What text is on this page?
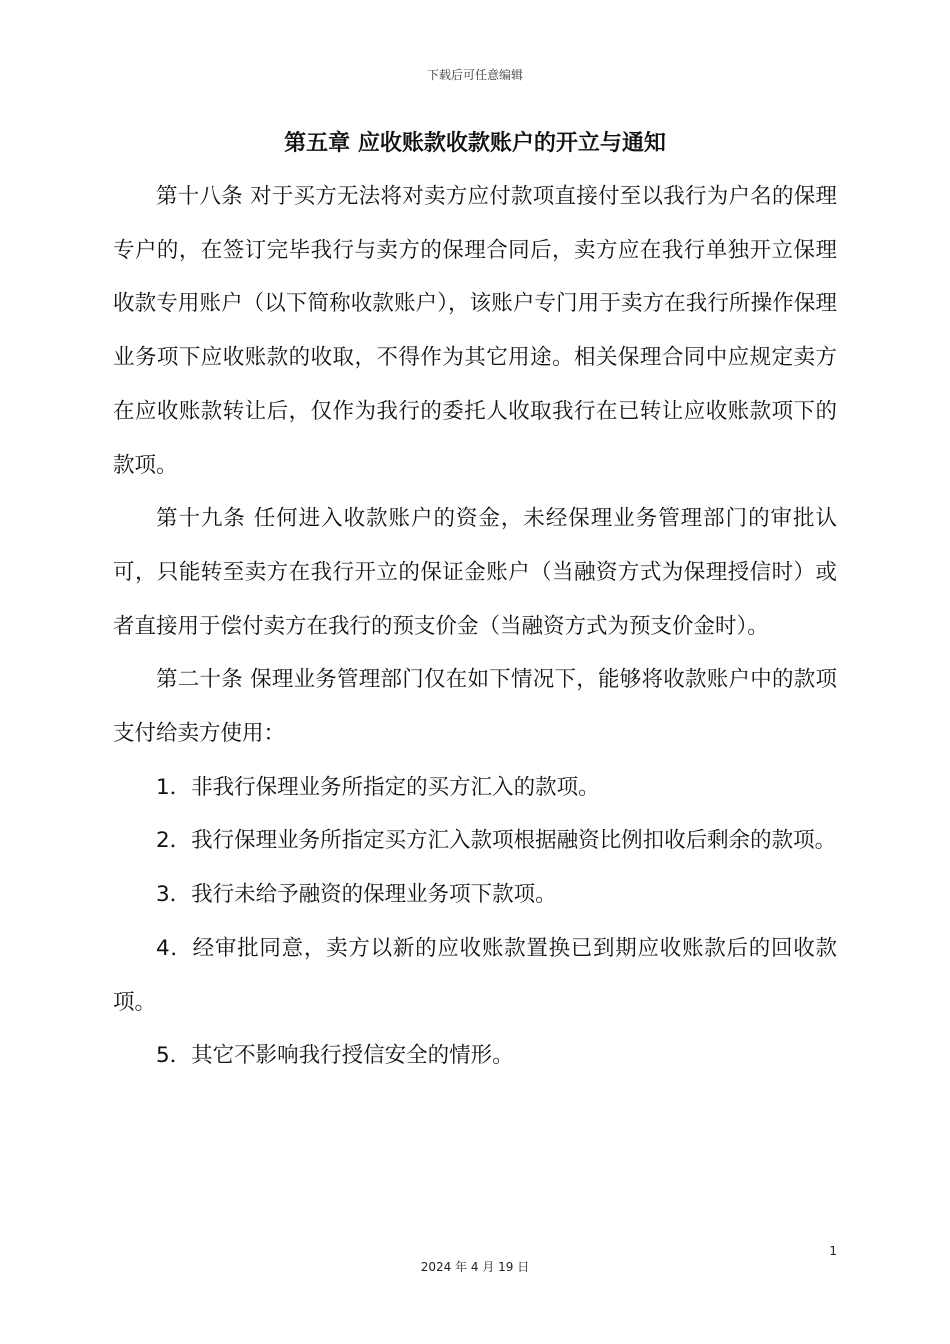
下载后可任意编辑
第五章 应收账款收款账户的开立与通知

第十八条 对于买方无法将对卖方应付款项直接付至以我行为户名的保理专户的，在签订完毕我行与卖方的保理合同后，卖方应在我行单独开立保理收款专用账户（以下简称收款账户），该账户专门用于卖方在我行所操作保理业务项下应收账款的收取，不得作为其它用途。相关保理合同中应规定卖方在应收账款转让后，仅作为我行的委托人收取我行在已转让应收账款项下的款项。

第十九条 任何进入收款账户的资金，未经保理业务管理部门的审批认可，只能转至卖方在我行开立的保证金账户（当融资方式为保理授信时）或者直接用于偿付卖方在我行的预支价金（当融资方式为预支价金时）。

第二十条 保理业务管理部门仅在如下情况下，能够将收款账户中的款项支付给卖方使用：

1．非我行保理业务所指定的买方汇入的款项。

2．我行保理业务所指定买方汇入款项根据融资比例扣收后剩余的款项。

3．我行未给予融资的保理业务项下款项。

4．经审批同意，卖方以新的应收账款置换已到期应收账款后的回收款项。

5．其它不影响我行授信安全的情形。

1
2024 年 4 月 19 日
